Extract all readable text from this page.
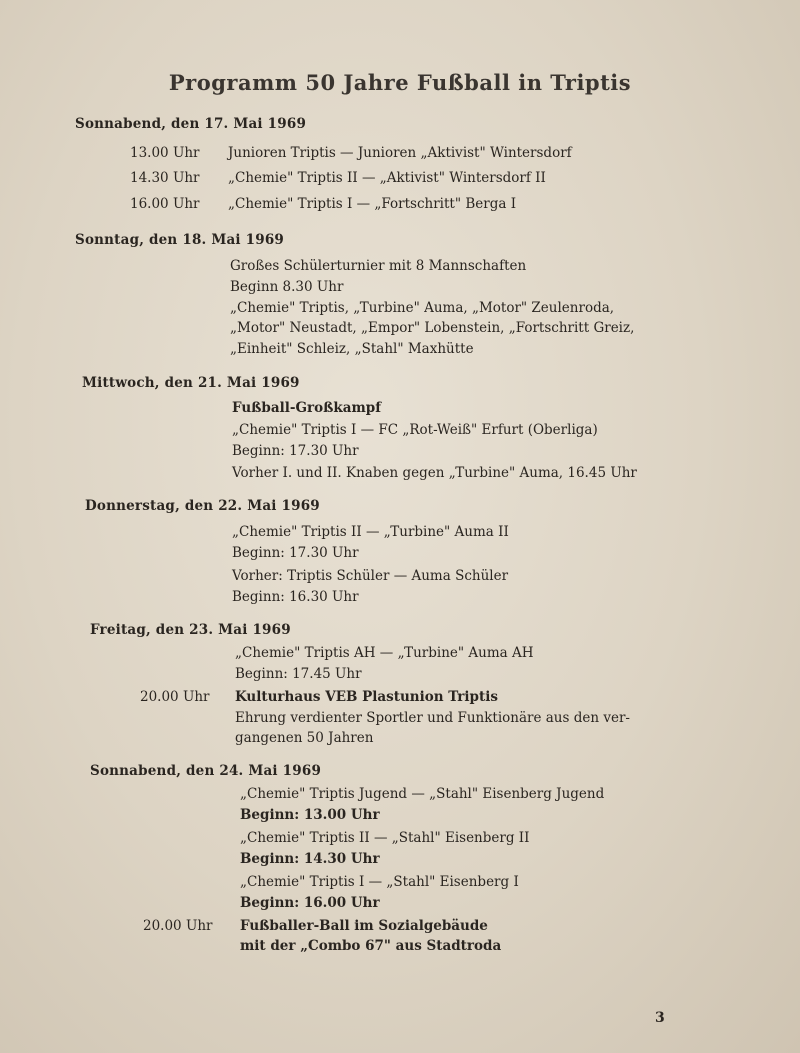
Programm 50 Jahre Fußball in Triptis
Sonnabend, den 17. Mai 1969
13.00 Uhr Junioren Triptis — Junioren „Aktivist" Wintersdorf
14.30 Uhr „Chemie" Triptis II — „Aktivist" Wintersdorf II
16.00 Uhr „Chemie" Triptis I — „Fortschritt" Berga I
Sonntag, den 18. Mai 1969
Großes Schülerturnier mit 8 Mannschaften
Beginn 8.30 Uhr
„Chemie" Triptis, „Turbine" Auma, „Motor" Zeulenroda,
„Motor" Neustadt, „Empor" Lobenstein, „Fortschritt Greiz,
„Einheit" Schleiz, „Stahl" Maxhütte
Mittwoch, den 21. Mai 1969
Fußball-Großkampf
„Chemie" Triptis I — FC „Rot-Weiß" Erfurt (Oberliga)
Beginn: 17.30 Uhr
Vorher I. und II. Knaben gegen „Turbine" Auma, 16.45 Uhr
Donnerstag, den 22. Mai 1969
„Chemie" Triptis II — „Turbine" Auma II
Beginn: 17.30 Uhr
Vorher: Triptis Schüler — Auma Schüler
Beginn: 16.30 Uhr
Freitag, den 23. Mai 1969
„Chemie" Triptis AH — „Turbine" Auma AH
Beginn: 17.45 Uhr
20.00 Uhr Kulturhaus VEB Plastunion Triptis
Ehrung verdienter Sportler und Funktionäre aus den ver-
gangenen 50 Jahren
Sonnabend, den 24. Mai 1969
„Chemie" Triptis Jugend — „Stahl" Eisenberg Jugend
Beginn: 13.00 Uhr
„Chemie" Triptis II — „Stahl" Eisenberg II
Beginn: 14.30 Uhr
„Chemie" Triptis I — „Stahl" Eisenberg I
Beginn: 16.00 Uhr
20.00 Uhr Fußballer-Ball im Sozialgebäude
mit der „Combo 67" aus Stadtroda
3
